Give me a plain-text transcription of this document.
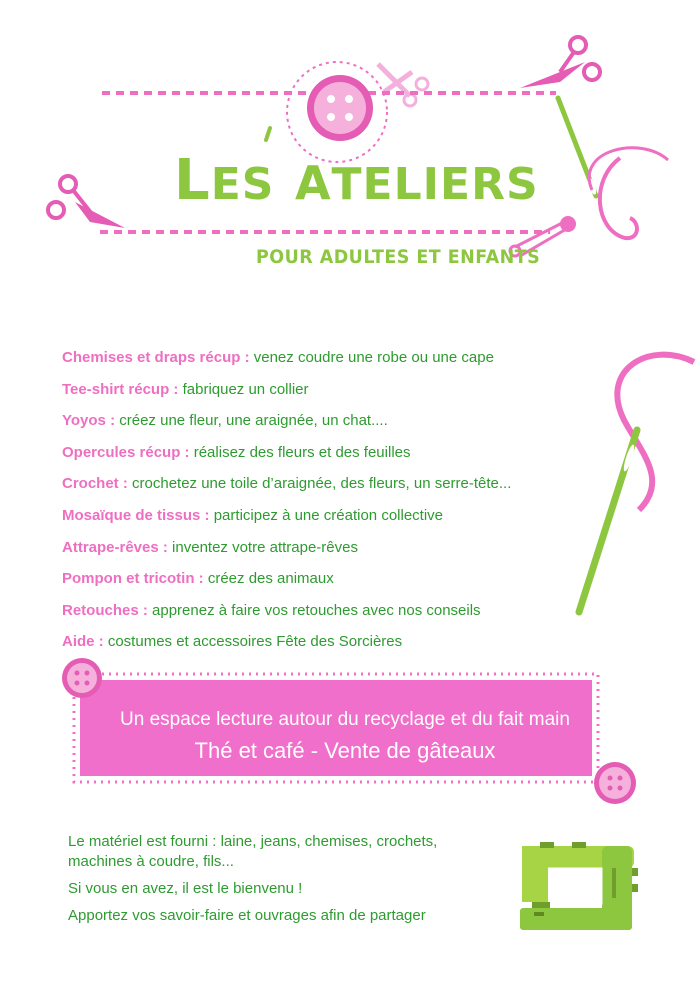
LES ATELIERS
POUR ADULTES ET ENFANTS
Chemises et draps récup : venez coudre une robe ou une cape
Tee-shirt récup : fabriquez un collier
Yoyos : créez une fleur, une araignée, un chat....
Opercules récup : réalisez des fleurs et des feuilles
Crochet : crochetez une toile d’araignée, des fleurs, un serre-tête...
Mosaïque de tissus : participez à une création collective
Attrape-rêves : inventez votre attrape-rêves
Pompon et tricotin : créez des animaux
Retouches : apprenez à faire vos retouches avec nos conseils
Aide : costumes et accessoires Fête des Sorcières
Un espace lecture autour du recyclage et du fait main
Thé et café - Vente de gâteaux

Le matériel est fourni : laine, jeans, chemises, crochets,
machines à coudre, fils...

Si vous en avez, il est le bienvenu !

Apportez vos savoir-faire et ouvrages afin de partager
